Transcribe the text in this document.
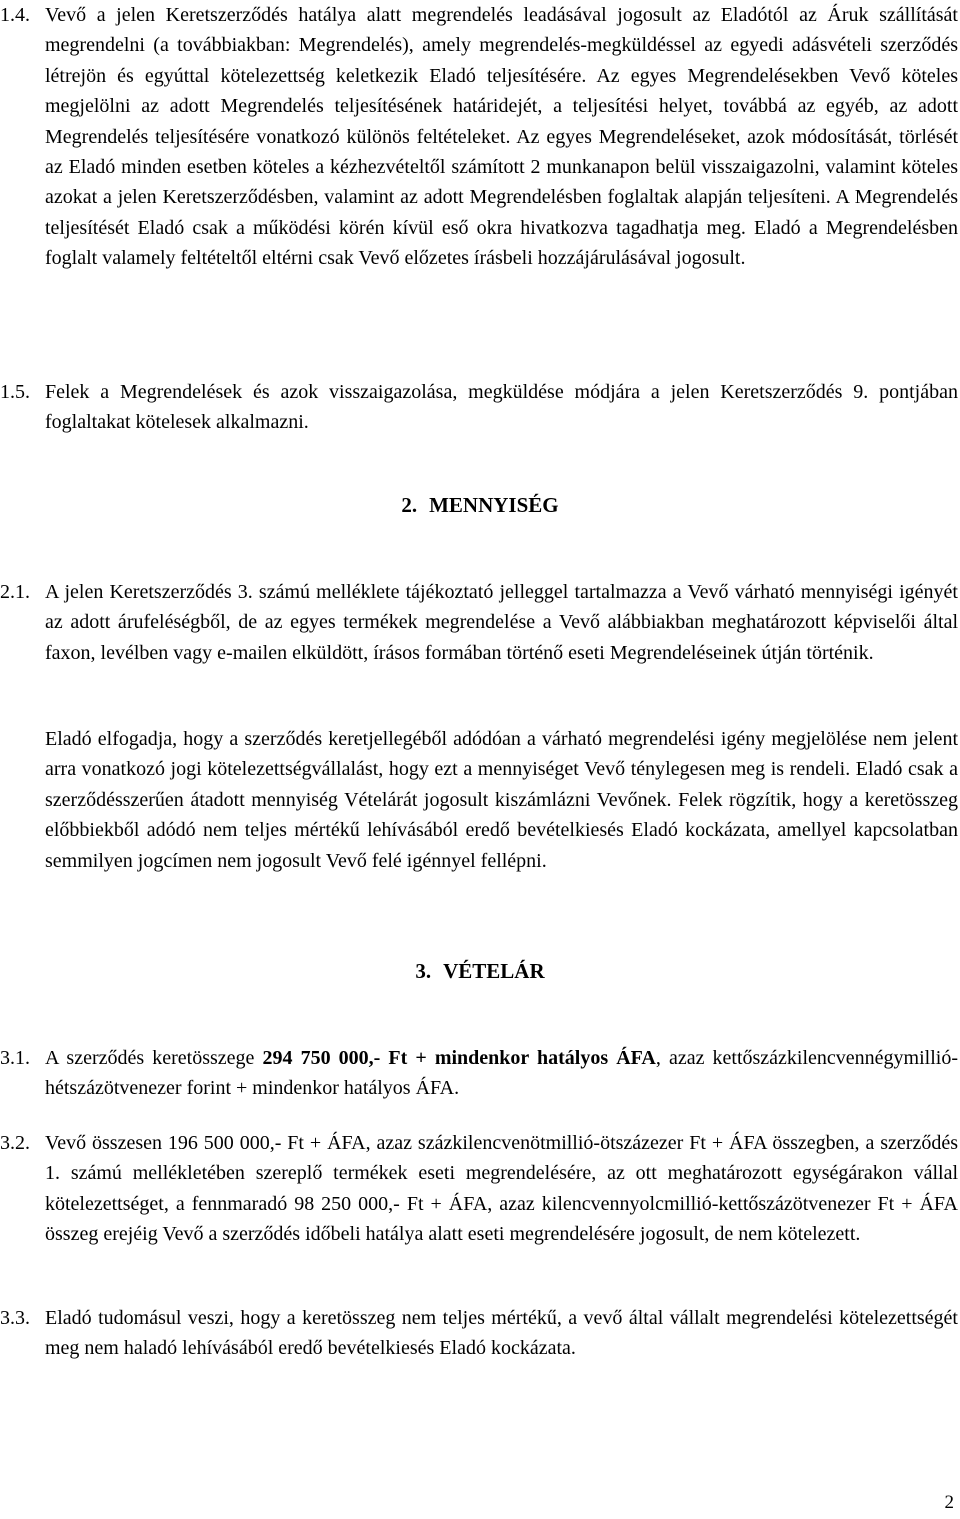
1.4. Vevő a jelen Keretszerződés hatálya alatt megrendelés leadásával jogosult az Eladótól az Áruk szállítását megrendelni (a továbbiakban: Megrendelés), amely megrendelés-megküldéssel az egyedi adásvételi szerződés létrejön és egyúttal kötelezettség keletkezik Eladó teljesítésére. Az egyes Megrendelésekben Vevő köteles megjelölni az adott Megrendelés teljesítésének határidejét, a teljesítési helyet, továbbá az egyéb, az adott Megrendelés teljesítésére vonatkozó különös feltételeket. Az egyes Megrendeléseket, azok módosítását, törlését az Eladó minden esetben köteles a kézhezvételtől számított 2 munkanapon belül visszaigazolni, valamint köteles azokat a jelen Keretszerződésben, valamint az adott Megrendelésben foglaltak alapján teljesíteni. A Megrendelés teljesítését Eladó csak a működési körén kívül eső okra hivatkozva tagadhatja meg. Eladó a Megrendelésben foglalt valamely feltételtől eltérni csak Vevő előzetes írásbeli hozzájárulásával jogosult.
1.5. Felek a Megrendelések és azok visszaigazolása, megküldése módjára a jelen Keretszerződés 9. pontjában foglaltakat kötelesek alkalmazni.
2. MENNYISÉG
2.1. A jelen Keretszerződés 3. számú melléklete tájékoztató jelleggel tartalmazza a Vevő várható mennyiségi igényét az adott árufeléségből, de az egyes termékek megrendelése a Vevő alábbiakban meghatározott képviselői által faxon, levélben vagy e-mailen elküldött, írásos formában történő eseti Megrendeléseinek útján történik.
Eladó elfogadja, hogy a szerződés keretjellegéből adódóan a várható megrendelési igény megjelölése nem jelent arra vonatkozó jogi kötelezettségvállalást, hogy ezt a mennyiséget Vevő ténylegesen meg is rendeli. Eladó csak a szerződésszerűen átadott mennyiség Vételárát jogosult kiszámlázni Vevőnek. Felek rögzítik, hogy a keretösszeg előbbiekből adódó nem teljes mértékű lehívásából eredő bevételkiesés Eladó kockázata, amellyel kapcsolatban semmilyen jogcímen nem jogosult Vevő felé igénnyel fellépni.
3. VÉTELÁR
3.1. A szerződés keretösszege 294 750 000,- Ft + mindenkor hatályos ÁFA, azaz kettőszázkilencvennégymillió-hétszázötvenezer forint + mindenkor hatályos ÁFA.
3.2. Vevő összesen 196 500 000,- Ft + ÁFA, azaz százkilencvenötmillió-ötszázezer Ft + ÁFA összegben, a szerződés 1. számú mellékletében szereplő termékek eseti megrendelésére, az ott meghatározott egységárakon vállal kötelezettséget, a fennmaradó 98 250 000,- Ft + ÁFA, azaz kilencvennyolcmillió-kettőszázötvenezer Ft + ÁFA összeg erejéig Vevő a szerződés időbeli hatálya alatt eseti megrendelésére jogosult, de nem kötelezett.
3.3. Eladó tudomásul veszi, hogy a keretösszeg nem teljes mértékű, a vevő által vállalt megrendelési kötelezettségét meg nem haladó lehívásából eredő bevételkiesés Eladó kockázata.
2
